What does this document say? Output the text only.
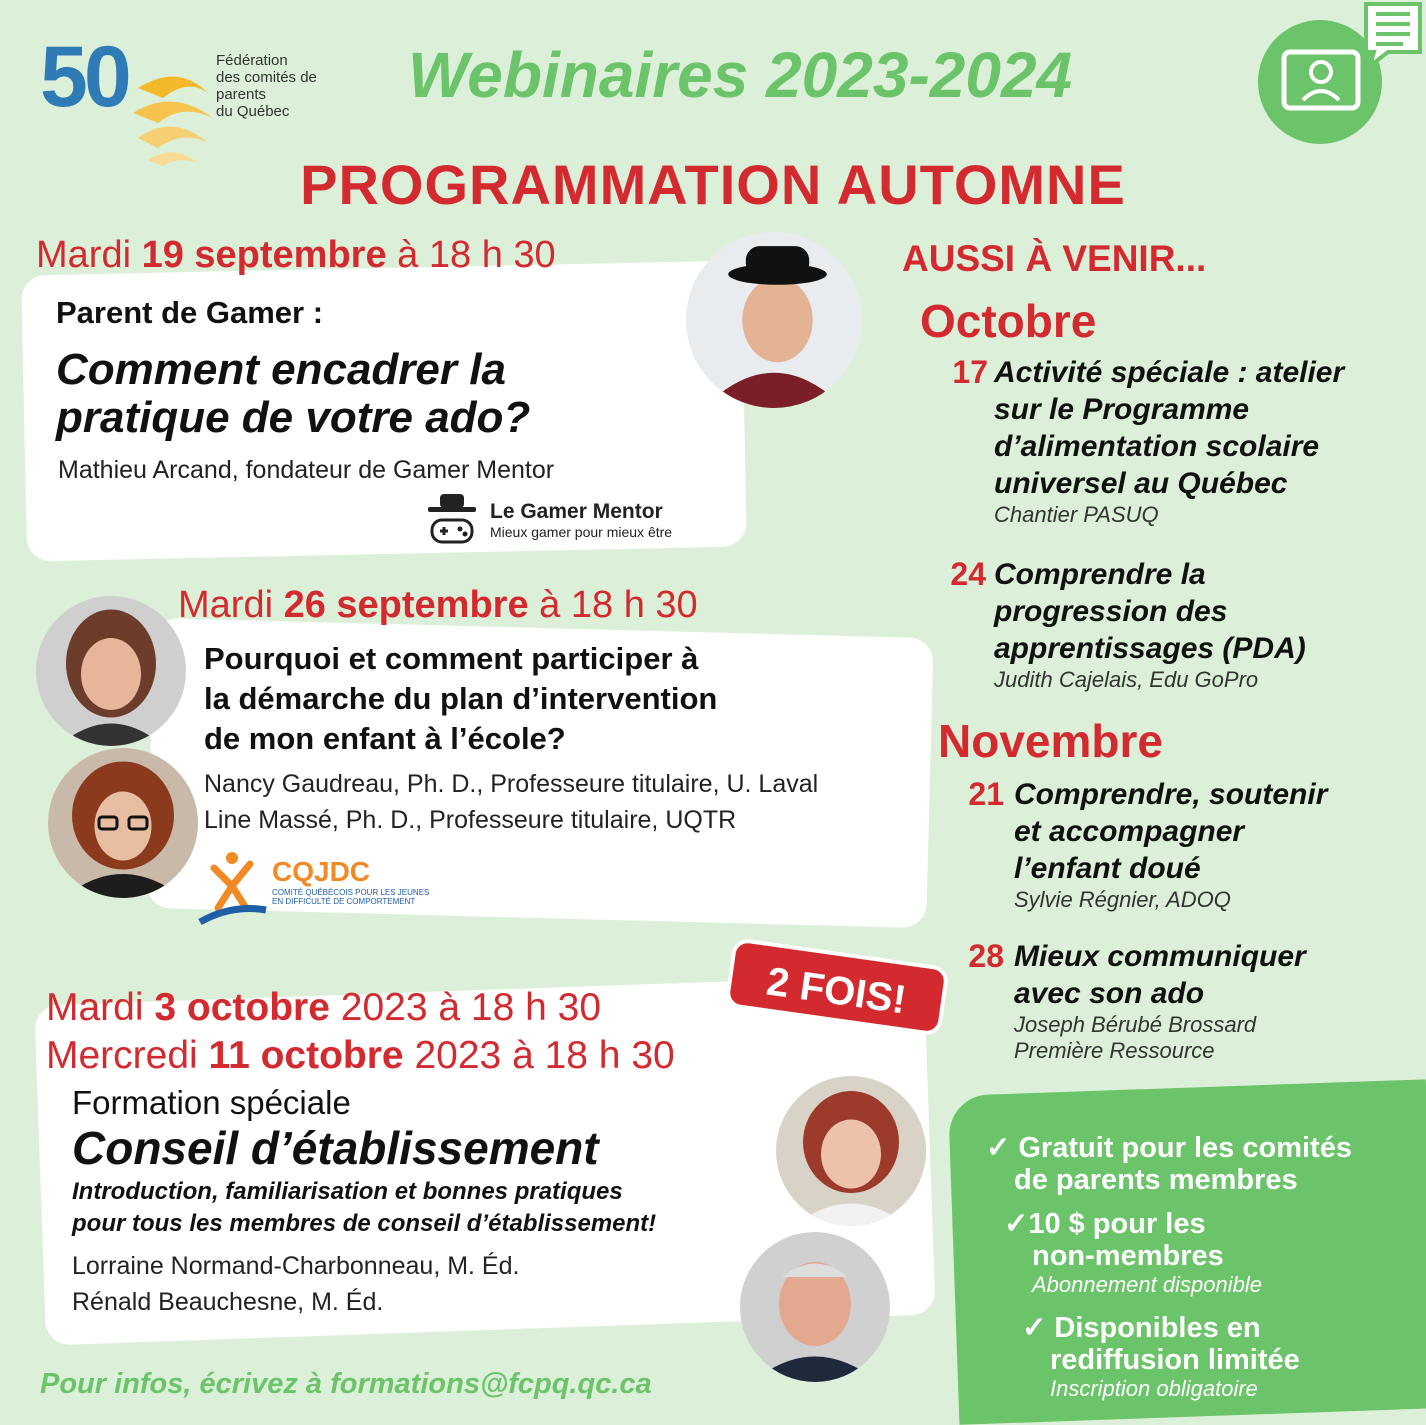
50	Fédération
des comités de parents
du Québec
Webinaires 2023-2024
PROGRAMMATION AUTOMNE
Mardi 19 septembre à 18 h 30
Parent de Gamer :
Comment encadrer la
pratique de votre ado?
Mathieu Arcand, fondateur de Gamer Mentor
Le Gamer Mentor
Mieux gamer pour mieux être
Mardi 26 septembre à 18 h 30
Pourquoi et comment participer à
la démarche du plan d’intervention
de mon enfant à l’école?
Nancy Gaudreau, Ph. D., Professeure titulaire, U. Laval
Line Massé, Ph. D., Professeure titulaire, UQTR
CQJDC
COMITÉ QUÉBÉCOIS POUR LES JEUNES
EN DIFFICULTÉ DE COMPORTEMENT
2 FOIS!
Mardi 3 octobre 2023 à 18 h 30
Mercredi 11 octobre 2023 à 18 h 30
Formation spéciale
Conseil d’établissement
Introduction, familiarisation et bonnes pratiques
pour tous les membres de conseil d’établissement!
Lorraine Normand-Charbonneau, M. Éd.
Rénald Beauchesne, M. Éd.
AUSSI À VENIR...
Octobre
17 Activité spéciale : atelier
sur le Programme
d’alimentation scolaire
universel au Québec
Chantier PASUQ
24 Comprendre la
progression des
apprentissages (PDA)
Judith Cajelais, Edu GoPro
Novembre
21 Comprendre, soutenir
et accompagner
l’enfant doué
Sylvie Régnier, ADOQ
28 Mieux communiquer
avec son ado
Joseph Bérubé Brossard
Première Ressource
✓ Gratuit pour les comités
de parents membres
✓10 $ pour les
non-membres
Abonnement disponible
✓ Disponibles en
rediffusion limitée
Inscription obligatoire
Pour infos, écrivez à formations@fcpq.qc.ca
